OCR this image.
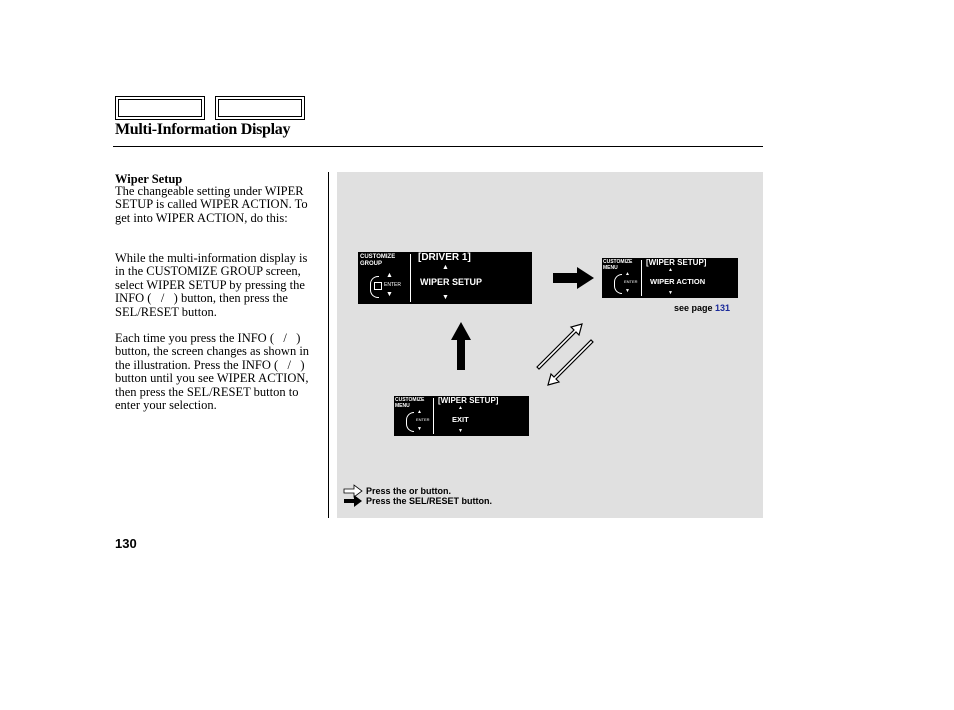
Multi-Information Display
Wiper Setup
The changeable setting under WIPER SETUP is called WIPER ACTION. To get into WIPER ACTION, do this:
While the multi-information display is in the CUSTOMIZE GROUP screen, select WIPER SETUP by pressing the INFO (   /   ) button, then press the SEL/RESET button.
Each time you press the INFO (   /   ) button, the screen changes as shown in the illustration. Press the INFO (   /   ) button until you see WIPER ACTION, then press the SEL/RESET button to enter your selection.
CUSTOMIZE
GROUP
▲
ENTER
▼
[DRIVER 1]
▲
WIPER SETUP
▼
CUSTOMIZE
MENU
▲
ENTER
▼
[WIPER SETUP]
▲
WIPER ACTION
▼
see page 131
CUSTOMIZE
MENU
▲
ENTER
▼
[WIPER SETUP]
▲
EXIT
▼
Press the or button.
Press the SEL/RESET button.
130
